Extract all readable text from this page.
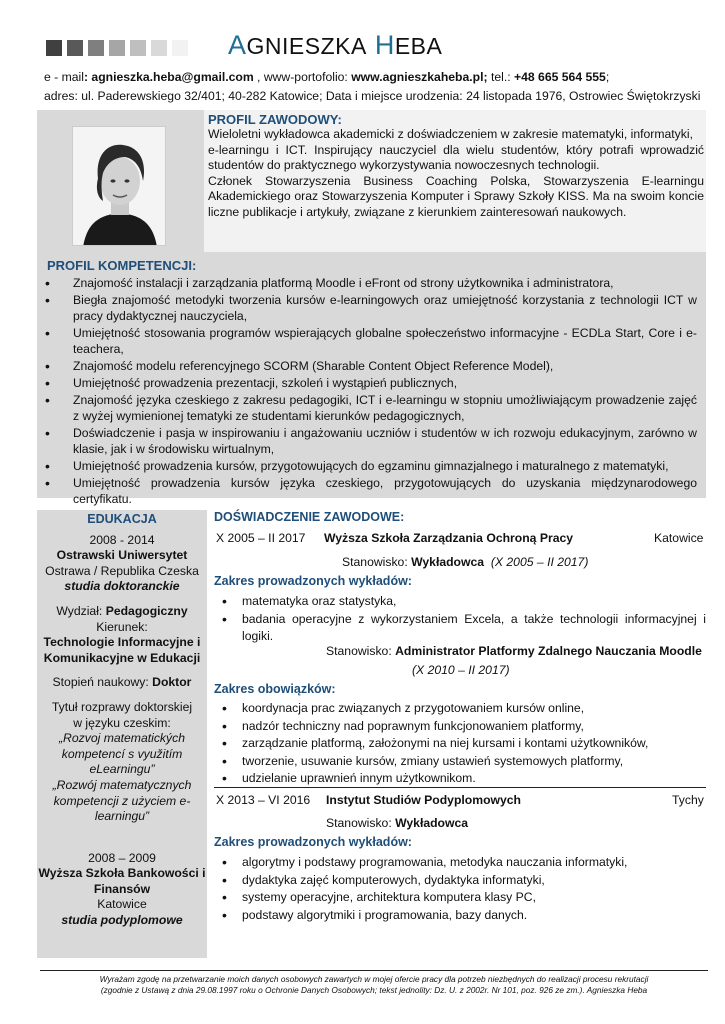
AGNIESZKA HEBA
e - mail: agnieszka.heba@gmail.com , www-portofolio: www.agnieszkaheba.pl; tel.: +48 665 564 555;
adres: ul. Paderewskiego 32/401; 40-282 Katowice; Data i miejsce urodzenia: 24 listopada 1976, Ostrowiec Świętokrzyski
PROFIL ZAWODOWY:
Wieloletni wykładowca akademicki z doświadczeniem w zakresie matematyki, informatyki,
e-learningu i ICT. Inspirujący nauczyciel dla wielu studentów, który potrafi wprowadzić studentów do praktycznego wykorzystywania nowoczesnych technologii.
Członek Stowarzyszenia Business Coaching Polska, Stowarzyszenia E-learningu Akademickiego oraz Stowarzyszenia Komputer i Sprawy Szkoły KISS. Ma na swoim koncie liczne publikacje i artykuły, związane z kierunkiem zainteresowań naukowych.
PROFIL KOMPETENCJI:
• Znajomość instalacji i zarządzania platformą Moodle i eFront od strony użytkownika i administratora,
• Biegła znajomość metodyki tworzenia kursów e-learningowych oraz umiejętność korzystania z technologii ICT w pracy dydaktycznej nauczyciela,
• Umiejętność stosowania programów wspierających globalne społeczeństwo informacyjne - ECDLa Start, Core i e-teachera,
• Znajomość modelu referencyjnego SCORM (Sharable Content Object Reference Model),
• Umiejętność prowadzenia prezentacji, szkoleń i wystąpień publicznych,
• Znajomość języka czeskiego z zakresu pedagogiki, ICT i e-learningu w stopniu umożliwiającym prowadzenie zajęć z wyżej wymienionej tematyki ze studentami kierunków pedagogicznych,
• Doświadczenie i pasja w inspirowaniu i angażowaniu uczniów i studentów w ich rozwoju edukacyjnym, zarówno w klasie, jak i w środowisku wirtualnym,
• Umiejętność prowadzenia kursów, przygotowujących do egzaminu gimnazjalnego i maturalnego z matematyki,
• Umiejętność prowadzenia kursów języka czeskiego, przygotowujących do uzyskania międzynarodowego certyfikatu.
EDUKACJA
2008 - 2014
Ostrawski Uniwersytet
Ostrawa / Republika Czeska
studia doktoranckie
Wydział: Pedagogiczny
Kierunek:
Technologie Informacyjne i
Komunikacyjne w Edukacji
Stopień naukowy: Doktor
Tytuł rozprawy doktorskiej
w języku czeskim:
„Rozvoj matematických
kompetencí s využitím
eLearningu”
„Rozwój matematycznych
kompetencji z użyciem e-
learningu”
2008 – 2009
Wyższa Szkoła Bankowości i
Finansów
Katowice
studia podyplomowe
DOŚWIADCZENIE ZAWODOWE:
X 2005 – II 2017 Wyższa Szkoła Zarządzania Ochroną Pracy	Katowice
Stanowisko: Wykładowca (X 2005 – II 2017)
Zakres prowadzonych wykładów:
• matematyka oraz statystyka,
• badania operacyjne z wykorzystaniem Excela, a także technologii informacyjnej i logiki.
Stanowisko: Administrator Platformy Zdalnego Nauczania Moodle
(X 2010 – II 2017)
Zakres obowiązków:
• koordynacja prac związanych z przygotowaniem kursów online,
• nadzór techniczny nad poprawnym funkcjonowaniem platformy,
• zarządzanie platformą, założonymi na niej kursami i kontami użytkowników,
• tworzenie, usuwanie kursów, zmiany ustawień systemowych platformy,
• udzielanie uprawnień innym użytkownikom.
X 2013 – VI 2016 Instytut Studiów Podyplomowych	Tychy
Stanowisko: Wykładowca
Zakres prowadzonych wykładów:
• algorytmy i podstawy programowania, metodyka nauczania informatyki,
• dydaktyka zajęć komputerowych, dydaktyka informatyki,
• systemy operacyjne, architektura komputera klasy PC,
• podstawy algorytmiki i programowania, bazy danych.
Wyrażam zgodę na przetwarzanie moich danych osobowych zawartych w mojej ofercie pracy dla potrzeb niezbędnych do realizacji procesu rekrutacji
(zgodnie z Ustawą z dnia 29.08.1997 roku o Ochronie Danych Osobowych; tekst jednolity: Dz. U. z 2002r. Nr 101, poz. 926 ze zm.). Agnieszka Heba
